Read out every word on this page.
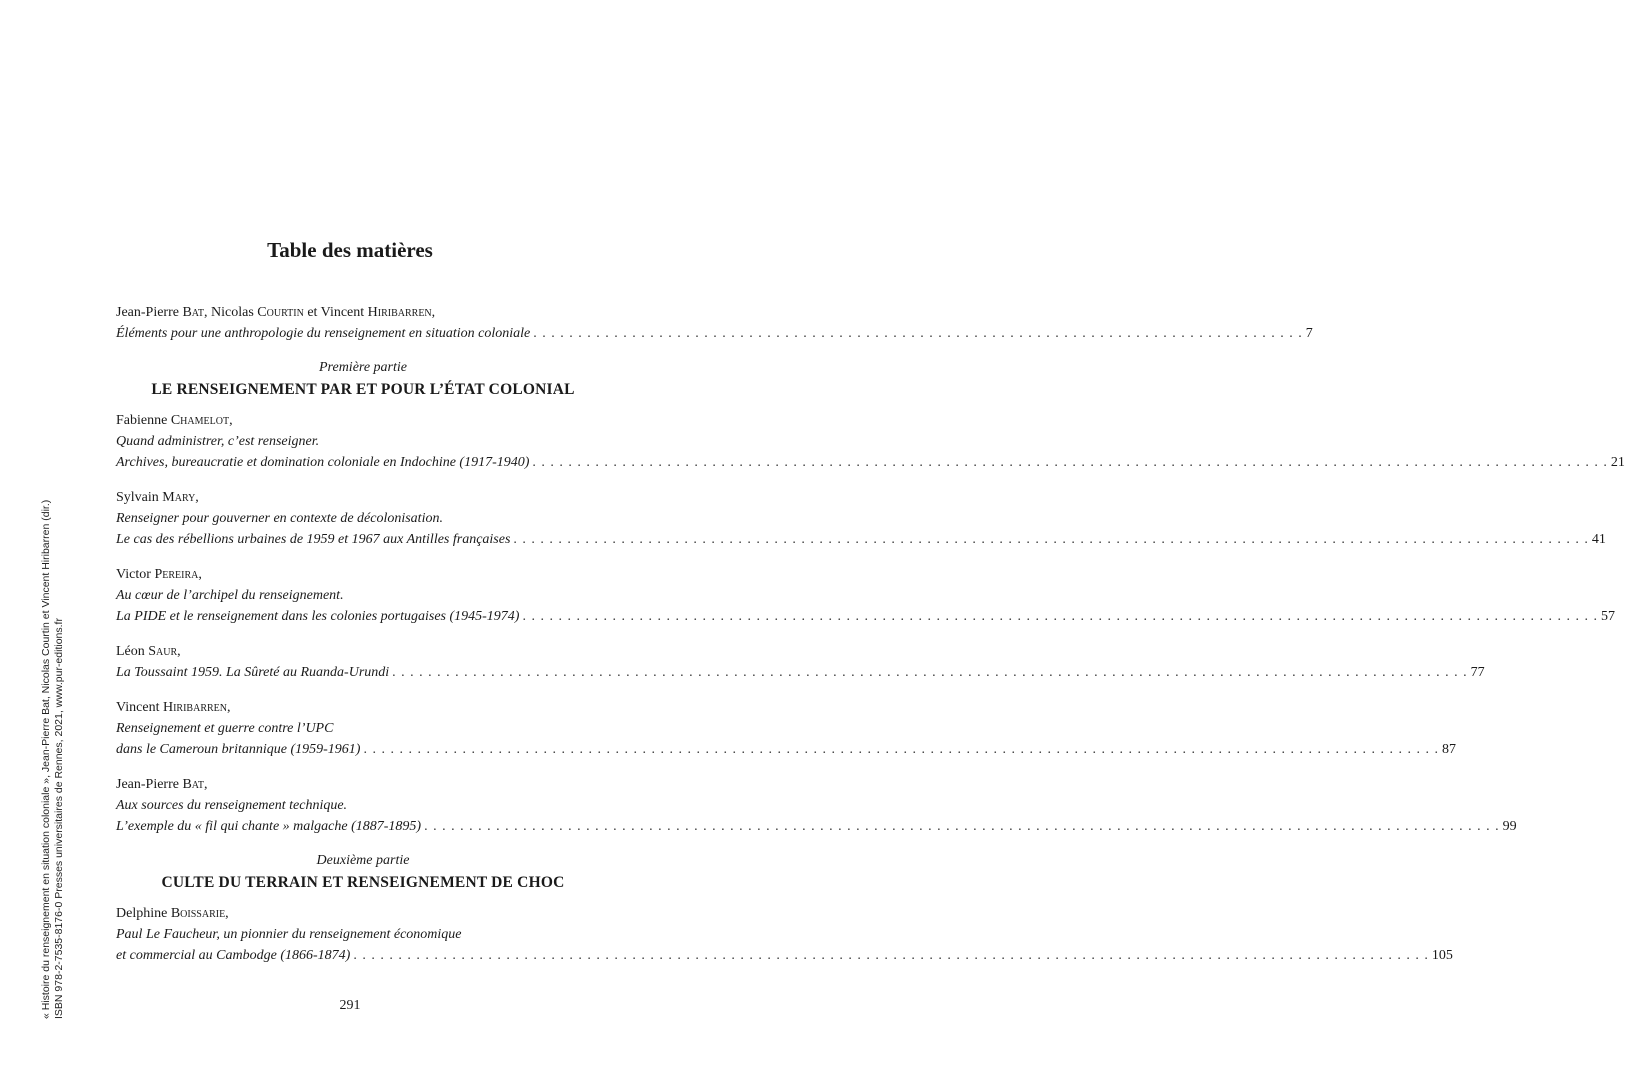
« Histoire du renseignement en situation coloniale », Jean-Pierre Bat, Nicolas Courtin et Vincent Hiribarren (dir.) ISBN 978-2-7535-8176-0 Presses universitaires de Rennes, 2021, www.pur-editions.fr
Table des matières
Jean-Pierre Bat, Nicolas Courtin et Vincent Hiribarren,
Éléments pour une anthropologie du renseignement en situation coloniale . . . . . . . . . . . . . . . . . . . . . . . . . . . . . . . . . . . . . . . . . . . . . . . . . . . . . . . . . . . . . . . . . . . . . . . . . . . . . . . . . . . . . . 7
Première partie
LE RENSEIGNEMENT PAR ET POUR L’ÉTAT COLONIAL
Fabienne Chamelot,
Quand administrer, c’est renseigner.
Archives, bureaucratie et domination coloniale en Indochine (1917-1940) . . . . . . . . . . . . . . . . . . . . . . . . . . . . . . . . . . . . . . . . . . . . . . . . . . . . . . . . . . . . . . . . . . . . . . . . . . . . . . . . . . . . . . . . . . . . . . . . . . . . . . . . . . . . . . . . . . . . . . . . 21
Sylvain Mary,
Renseigner pour gouverner en contexte de décolonisation.
Le cas des rébellions urbaines de 1959 et 1967 aux Antilles françaises . . . . . . . . . . . . . . . . . . . . . . . . . . . . . . . . . . . . . . . . . . . . . . . . . . . . . . . . . . . . . . . . . . . . . . . . . . . . . . . . . . . . . . . . . . . . . . . . . . . . . . . . . . . . . . . . . . . . . . . . 41
Victor Pereira,
Au cœur de l’archipel du renseignement.
La PIDE et le renseignement dans les colonies portugaises (1945-1974) . . . . . . . . . . . . . . . . . . . . . . . . . . . . . . . . . . . . . . . . . . . . . . . . . . . . . . . . . . . . . . . . . . . . . . . . . . . . . . . . . . . . . . . . . . . . . . . . . . . . . . . . . . . . . . . . . . . . . . . . 57
Léon Saur,
La Toussaint 1959. La Sûreté au Ruanda-Urundi . . . . . . . . . . . . . . . . . . . . . . . . . . . . . . . . . . . . . . . . . . . . . . . . . . . . . . . . . . . . . . . . . . . . . . . . . . . . . . . . . . . . . . . . . . . . . . . . . . . . . . . . . . . . . . . . . . . . . . . . 77
Vincent Hiribarren,
Renseignement et guerre contre l’UPC
dans le Cameroun britannique (1959-1961) . . . . . . . . . . . . . . . . . . . . . . . . . . . . . . . . . . . . . . . . . . . . . . . . . . . . . . . . . . . . . . . . . . . . . . . . . . . . . . . . . . . . . . . . . . . . . . . . . . . . . . . . . . . . . . . . . . . . . . . . 87
Jean-Pierre Bat,
Aux sources du renseignement technique.
L’exemple du « fil qui chante » malgache (1887-1895) . . . . . . . . . . . . . . . . . . . . . . . . . . . . . . . . . . . . . . . . . . . . . . . . . . . . . . . . . . . . . . . . . . . . . . . . . . . . . . . . . . . . . . . . . . . . . . . . . . . . . . . . . . . . . . . . . . . . . . . . 99
Deuxième partie
CULTE DU TERRAIN ET RENSEIGNEMENT DE CHOC
Delphine Boissarie,
Paul Le Faucheur, un pionnier du renseignement économique
et commercial au Cambodge (1866-1874) . . . . . . . . . . . . . . . . . . . . . . . . . . . . . . . . . . . . . . . . . . . . . . . . . . . . . . . . . . . . . . . . . . . . . . . . . . . . . . . . . . . . . . . . . . . . . . . . . . . . . . . . . . . . . . . . . . . . . . . . 105
291
